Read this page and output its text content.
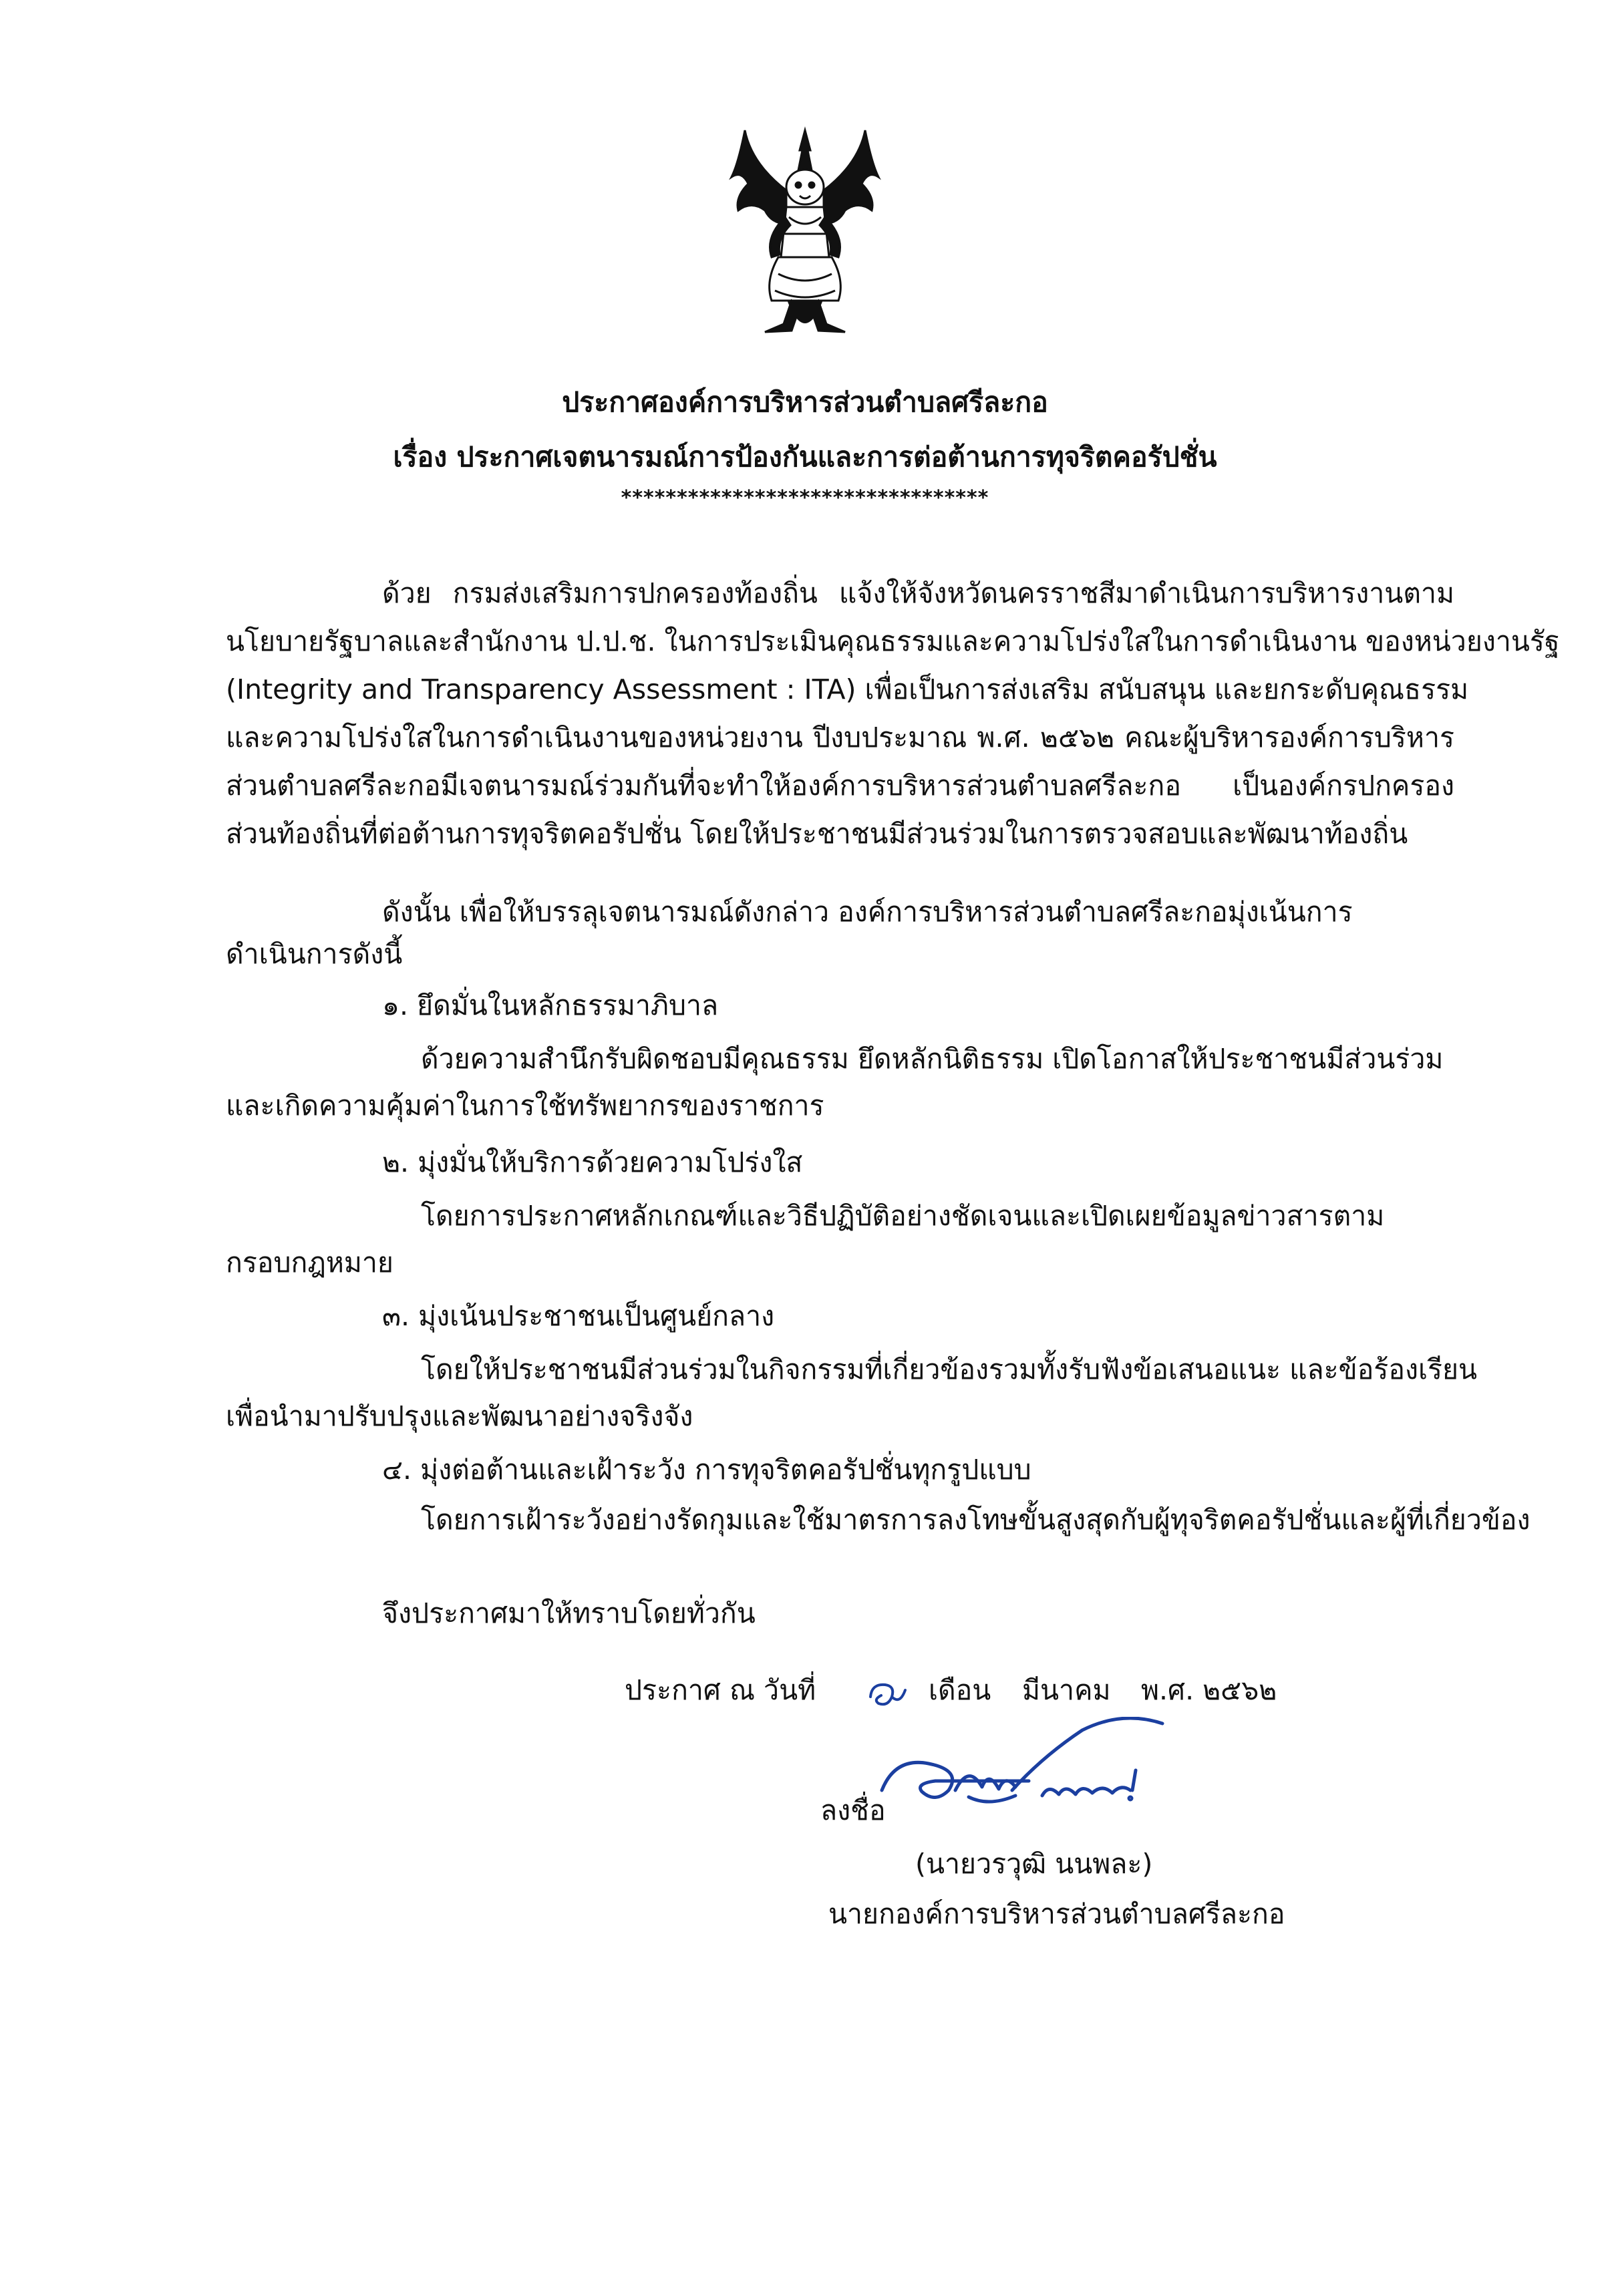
ประกาศองค์การบริหารส่วนตำบลศรีละกอ
เรื่อง ประกาศเจตนารมณ์การป้องกันและการต่อต้านการทุจริตคอรัปชั่น
*********************************
ด้วย กรมส่งเสริมการปกครองท้องถิ่น แจ้งให้จังหวัดนครราชสีมาดำเนินการบริหารงานตาม
นโยบายรัฐบาลและสำนักงาน ป.ป.ช. ในการประเมินคุณธรรมและความโปร่งใสในการดำเนินงาน ของหน่วยงานรัฐ
(Integrity and Transparency Assessment : ITA) เพื่อเป็นการส่งเสริม สนับสนุน และยกระดับคุณธรรม
และความโปร่งใสในการดำเนินงานของหน่วยงาน ปีงบประมาณ พ.ศ. ๒๕๖๒ คณะผู้บริหารองค์การบริหาร
ส่วนตำบลศรีละกอมีเจตนารมณ์ร่วมกันที่จะทำให้องค์การบริหารส่วนตำบลศรีละกอ เป็นองค์กรปกครอง
ส่วนท้องถิ่นที่ต่อต้านการทุจริตคอรัปชั่น โดยให้ประชาชนมีส่วนร่วมในการตรวจสอบและพัฒนาท้องถิ่น
ดังนั้น เพื่อให้บรรลุเจตนารมณ์ดังกล่าว องค์การบริหารส่วนตำบลศรีละกอมุ่งเน้นการ
ดำเนินการดังนี้
๑. ยึดมั่นในหลักธรรมาภิบาล
ด้วยความสำนึกรับผิดชอบมีคุณธรรม ยึดหลักนิติธรรม เปิดโอกาสให้ประชาชนมีส่วนร่วม
และเกิดความคุ้มค่าในการใช้ทรัพยากรของราชการ
๒. มุ่งมั่นให้บริการด้วยความโปร่งใส
โดยการประกาศหลักเกณฑ์และวิธีปฏิบัติอย่างชัดเจนและเปิดเผยข้อมูลข่าวสารตาม
กรอบกฎหมาย
๓. มุ่งเน้นประชาชนเป็นศูนย์กลาง
โดยให้ประชาชนมีส่วนร่วมในกิจกรรมที่เกี่ยวข้องรวมทั้งรับฟังข้อเสนอแนะ และข้อร้องเรียน
เพื่อนำมาปรับปรุงและพัฒนาอย่างจริงจัง
๔. มุ่งต่อต้านและเฝ้าระวัง การทุจริตคอรัปชั่นทุกรูปแบบ
โดยการเฝ้าระวังอย่างรัดกุมและใช้มาตรการลงโทษขั้นสูงสุดกับผู้ทุจริตคอรัปชั่นและผู้ที่เกี่ยวข้อง
จึงประกาศมาให้ทราบโดยทั่วกัน
ประกาศ ณ วันที่	เดือน มีนาคม พ.ศ. ๒๕๖๒
ลงชื่อ
(นายวรวุฒิ นนพละ)
นายกองค์การบริหารส่วนตำบลศรีละกอ
